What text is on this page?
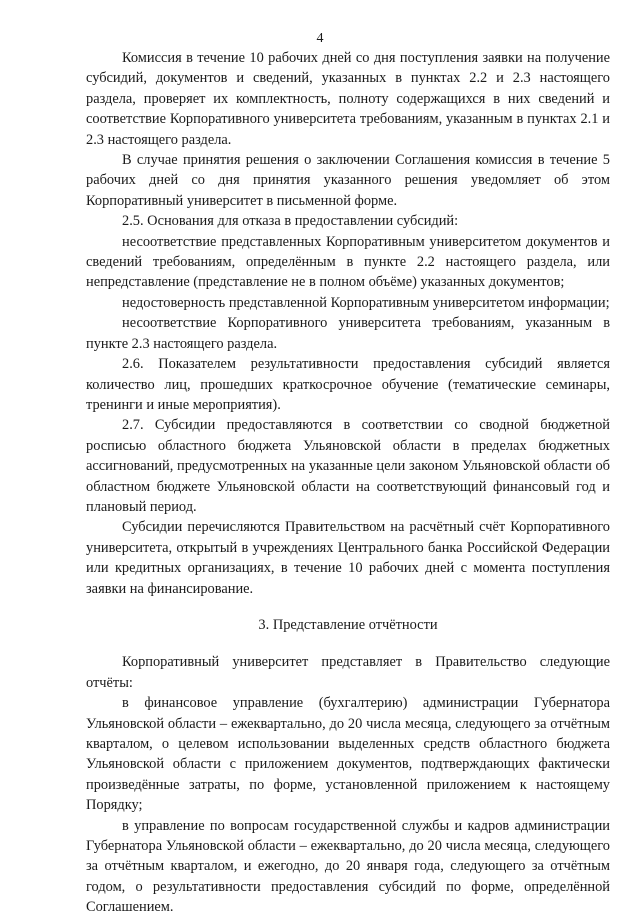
4

Комиссия в течение 10 рабочих дней со дня поступления заявки на получение субсидий, документов и сведений, указанных в пунктах 2.2 и 2.3 настоящего раздела, проверяет их комплектность, полноту содержащихся в них сведений и соответствие Корпоративного университета требованиям, указанным в пунктах 2.1 и 2.3 настоящего раздела.

В случае принятия решения о заключении Соглашения комиссия в течение 5 рабочих дней со дня принятия указанного решения уведомляет об этом Корпоративный университет в письменной форме.

2.5. Основания для отказа в предоставлении субсидий:

несоответствие представленных Корпоративным университетом документов и сведений требованиям, определённым в пункте 2.2 настоящего раздела, или непредставление (представление не в полном объёме) указанных документов;

недостоверность представленной Корпоративным университетом информации;

несоответствие Корпоративного университета требованиям, указанным в пункте 2.3 настоящего раздела.

2.6. Показателем результативности предоставления субсидий является количество лиц, прошедших краткосрочное обучение (тематические семинары, тренинги и иные мероприятия).

2.7. Субсидии предоставляются в соответствии со сводной бюджетной росписью областного бюджета Ульяновской области в пределах бюджетных ассигнований, предусмотренных на указанные цели законом Ульяновской области об областном бюджете Ульяновской области на соответствующий финансовый год и плановый период.

Субсидии перечисляются Правительством на расчётный счёт Корпоративного университета, открытый в учреждениях Центрального банка Российской Федерации или кредитных организациях, в течение 10 рабочих дней с момента поступления заявки на финансирование.

3. Представление отчётности

Корпоративный университет представляет в Правительство следующие отчёты:

в финансовое управление (бухгалтерию) администрации Губернатора Ульяновской области – ежеквартально, до 20 числа месяца, следующего за отчётным кварталом, о целевом использовании выделенных средств областного бюджета Ульяновской области с приложением документов, подтверждающих фактически произведённые затраты, по форме, установленной приложением к настоящему Порядку;

в управление по вопросам государственной службы и кадров администрации Губернатора Ульяновской области – ежеквартально, до 20 числа месяца, следующего за отчётным кварталом, и ежегодно, до 20 января года, следующего за отчётным годом, о результативности предоставления субсидий по форме, определённой Соглашением.
